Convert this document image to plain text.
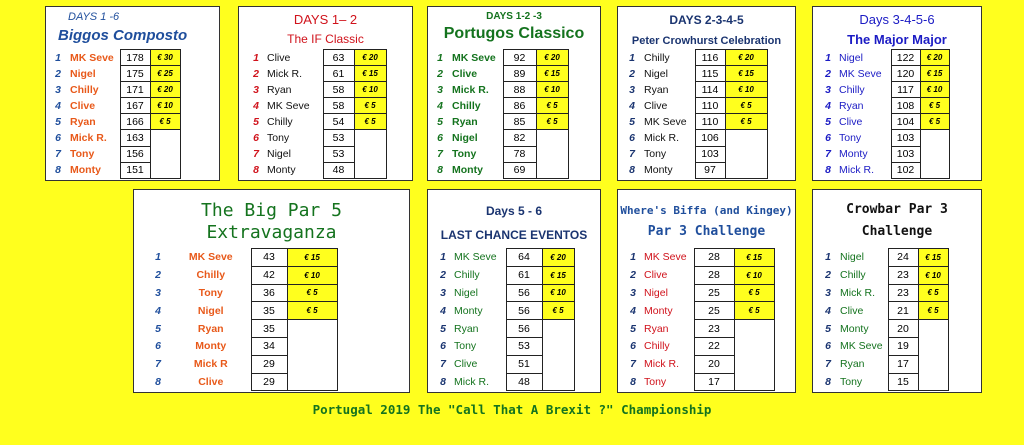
DAYS 1 -6
Biggos Composto
1	MK Seve	178	€ 30
2	Nigel	175	€ 25
3	Chilly	171	€ 20
4	Clive	167	€ 10
5	Ryan	166	€ 5
6	Mick R.	163	
7	Tony	156	
8	Monty	151	
DAYS 1– 2
The IF Classic
1	Clive	63	€ 20
2	Mick R.	61	€ 15
3	Ryan	58	€ 10
4	MK Seve	58	€ 5
5	Chilly	54	€ 5
6	Tony	53	
7	Nigel	53	
8	Monty	48	
DAYS 1-2 -3
Portugos Classico
1	MK Seve	92	€ 20
2	Clive	89	€ 15
3	Mick R.	88	€ 10
4	Chilly	86	€ 5
5	Ryan	85	€ 5
6	Nigel	82	
7	Tony	78	
8	Monty	69	
DAYS 2-3-4-5
Peter Crowhurst Celebration
1	Chilly	116	€ 20
2	Nigel	115	€ 15
3	Ryan	114	€ 10
4	Clive	110	€ 5
5	MK Seve	110	€ 5
6	Mick R.	106	
7	Tony	103	
8	Monty	97	
Days 3-4-5-6
The Major Major
1	Nigel	122	€ 20
2	MK Seve	120	€ 15
3	Chilly	117	€ 10
4	Ryan	108	€ 5
5	Clive	104	€ 5
6	Tony	103	
7	Monty	103	
8	Mick R.	102	
The Big Par 5
Extravaganza
1	MK Seve	43	€ 15
2	Chilly	42	€ 10
3	Tony	36	€ 5
4	Nigel	35	€ 5
5	Ryan	35	
6	Monty	34	
7	Mick R	29	
8	Clive	29	
Days 5 - 6
LAST CHANCE EVENTOS
1	MK Seve	64	€ 20
2	Chilly	61	€ 15
3	Nigel	56	€ 10
4	Monty	56	€ 5
5	Ryan	56	
6	Tony	53	
7	Clive	51	
8	Mick R.	48	
Where's Biffa (and Kingey)
Par 3 Challenge
1	MK Seve	28	€ 15
2	Clive	28	€ 10
3	Nigel	25	€ 5
4	Monty	25	€ 5
5	Ryan	23	
6	Chilly	22	
7	Mick R.	20	
8	Tony	17	
Crowbar Par 3
Challenge
1	Nigel	24	€ 15
2	Chilly	23	€ 10
3	Mick R.	23	€ 5
4	Clive	21	€ 5
5	Monty	20	
6	MK Seve	19	
7	Ryan	17	
8	Tony	15	
Portugal 2019 The "Call That A Brexit ?" Championship
